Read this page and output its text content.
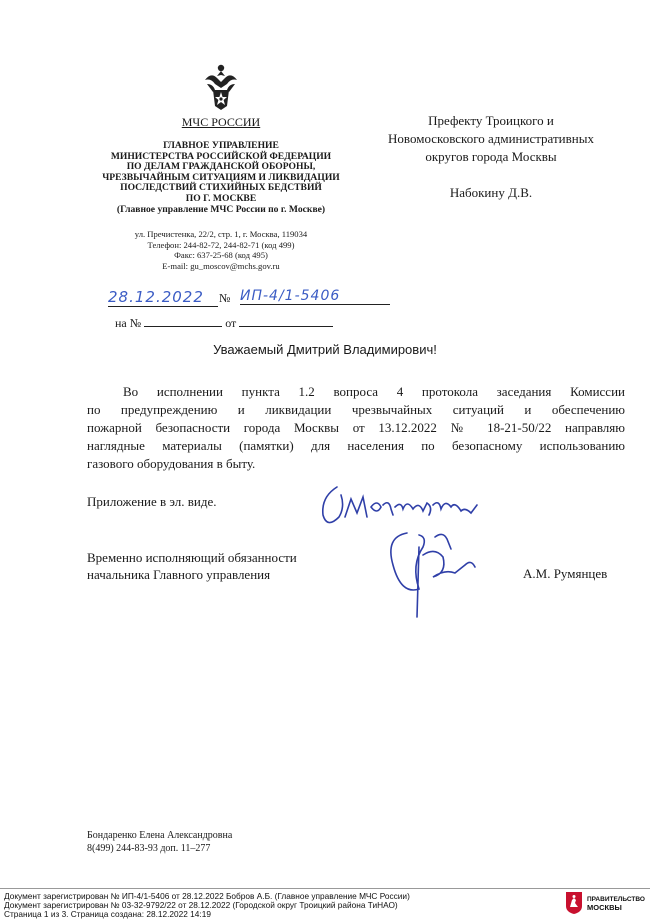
МЧС РОССИИ
ГЛАВНОЕ УПРАВЛЕНИЕ
МИНИСТЕРСТВА РОССИЙСКОЙ ФЕДЕРАЦИИ
ПО ДЕЛАМ ГРАЖДАНСКОЙ ОБОРОНЫ,
ЧРЕЗВЫЧАЙНЫМ СИТУАЦИЯМ И ЛИКВИДАЦИИ
ПОСЛЕДСТВИЙ СТИХИЙНЫХ БЕДСТВИЙ
ПО Г. МОСКВЕ
(Главное управление МЧС России по г. Москве)
ул. Пречистенка, 22/2, стр. 1, г. Москва, 119034
Телефон: 244-82-72, 244-82-71 (код 499)
Факс: 637-25-68 (код 495)
E-mail: gu_moscov@mchs.gov.ru
28.12.2022	№ ИП-4/1-5406
на №	от
Префекту Троицкого и
Новомосковского административных
округов города Москвы
Набокину Д.В.
Уважаемый Дмитрий Владимирович!
Во исполнении пункта 1.2 вопроса 4 протокола заседания Комиссии
по предупреждению и ликвидации чрезвычайных ситуаций и обеспечению
пожарной безопасности города Москвы от 13.12.2022 № 18-21-50/22 направляю
наглядные материалы (памятки) для населения по безопасному использованию
газового оборудования в быту.
Приложение в эл. виде.
Временно исполняющий обязанности
начальника Главного управления	А.М. Румянцев
Бондаренко Елена Александровна
8(499) 244-83-93 доп. 11–277
Документ зарегистрирован № ИП-4/1-5406 от 28.12.2022 Бобров А.Б. (Главное управление МЧС России)
Документ зарегистрирован № 03-32-9792/22 от 28.12.2022 (Городской округ Троицкий района ТиНАО)
Страница 1 из 3. Страница создана: 28.12.2022 14:19
ПРАВИТЕЛЬСТВО
МОСКВЫ
